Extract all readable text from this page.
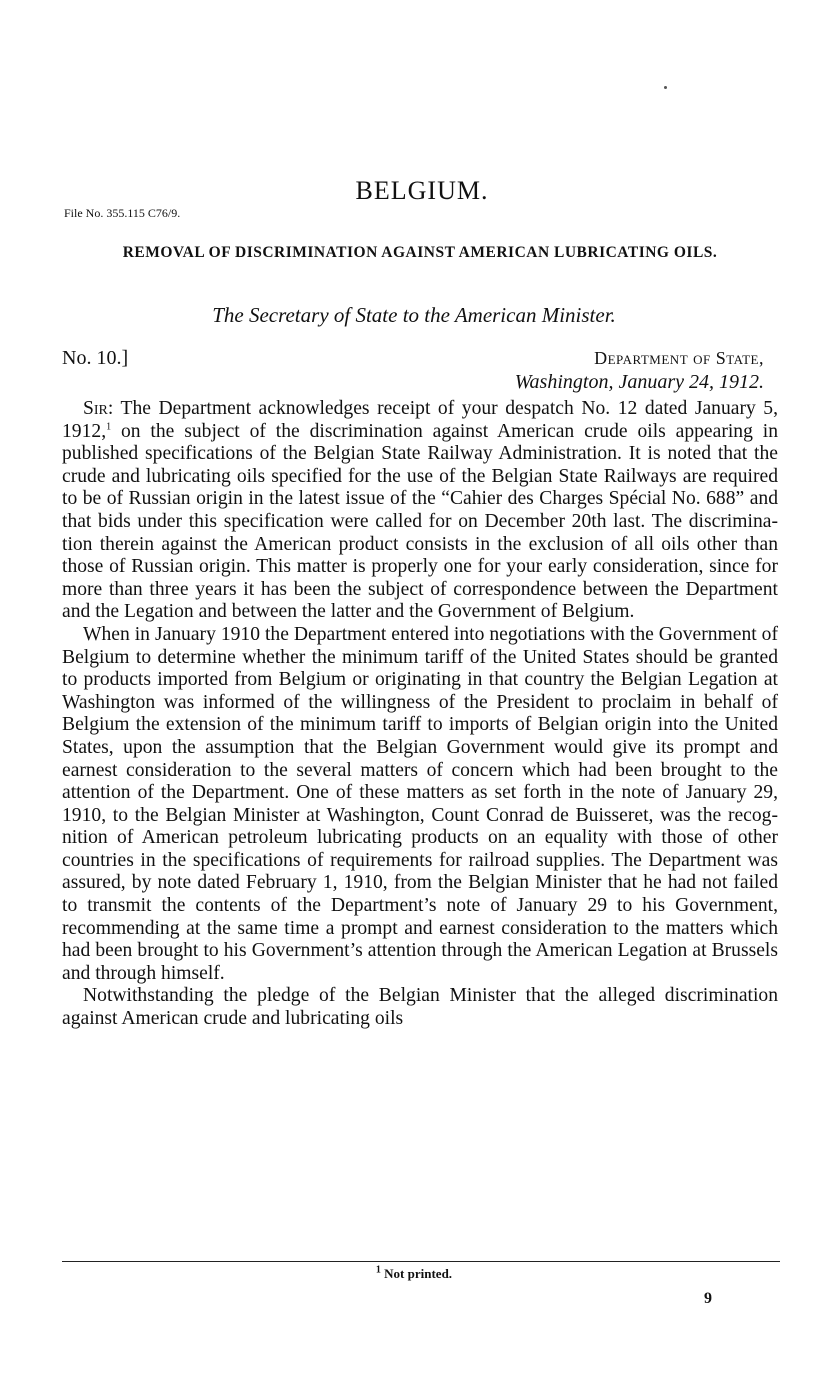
BELGIUM.
File No. 355.115 C76/9.
REMOVAL OF DISCRIMINATION AGAINST AMERICAN LUBRICATING OILS.
The Secretary of State to the American Minister.
No. 10.]	Department of State,
Washington, January 24, 1912.

Sir: The Department acknowledges receipt of your despatch No. 12 dated January 5, 1912,$^1$ on the subject of the discrimination against American crude oils appearing in published specifications of the Belgian State Railway Administration. It is noted that the crude and lubricating oils specified for the use of the Belgian State Railways are required to be of Russian origin in the latest issue of the “Cahier des Charges Spécial No. 688” and that bids under this specification were called for on December 20th last. The discrimination therein against the American product consists in the exclusion of all oils other than those of Russian origin. This matter is properly one for your early consideration, since for more than three years it has been the subject of correspondence between the Department and the Legation and between the latter and the Government of Belgium.

When in January 1910 the Department entered into negotiations with the Government of Belgium to determine whether the minimum tariff of the United States should be granted to products imported from Belgium or originating in that country the Belgian Legation at Washington was informed of the willingness of the President to proclaim in behalf of Belgium the extension of the minimum tariff to imports of Belgian origin into the United States, upon the assumption that the Belgian Government would give its prompt and earnest consideration to the several matters of concern which had been brought to the attention of the Department. One of these matters as set forth in the note of January 29, 1910, to the Belgian Minister at Washington, Count Conrad de Buisseret, was the recognition of American petroleum lubricating products on an equality with those of other countries in the specifications of requirements for railroad supplies. The Department was assured, by note dated February 1, 1910, from the Belgian Minister that he had not failed to transmit the contents of the Department’s note of January 29 to his Government, recommending at the same time a prompt and earnest consideration to the matters which had been brought to his Government’s attention through the American Legation at Brussels and through himself.

Notwithstanding the pledge of the Belgian Minister that the alleged discrimination against American crude and lubricating oils

$^1$ Not printed.
9
